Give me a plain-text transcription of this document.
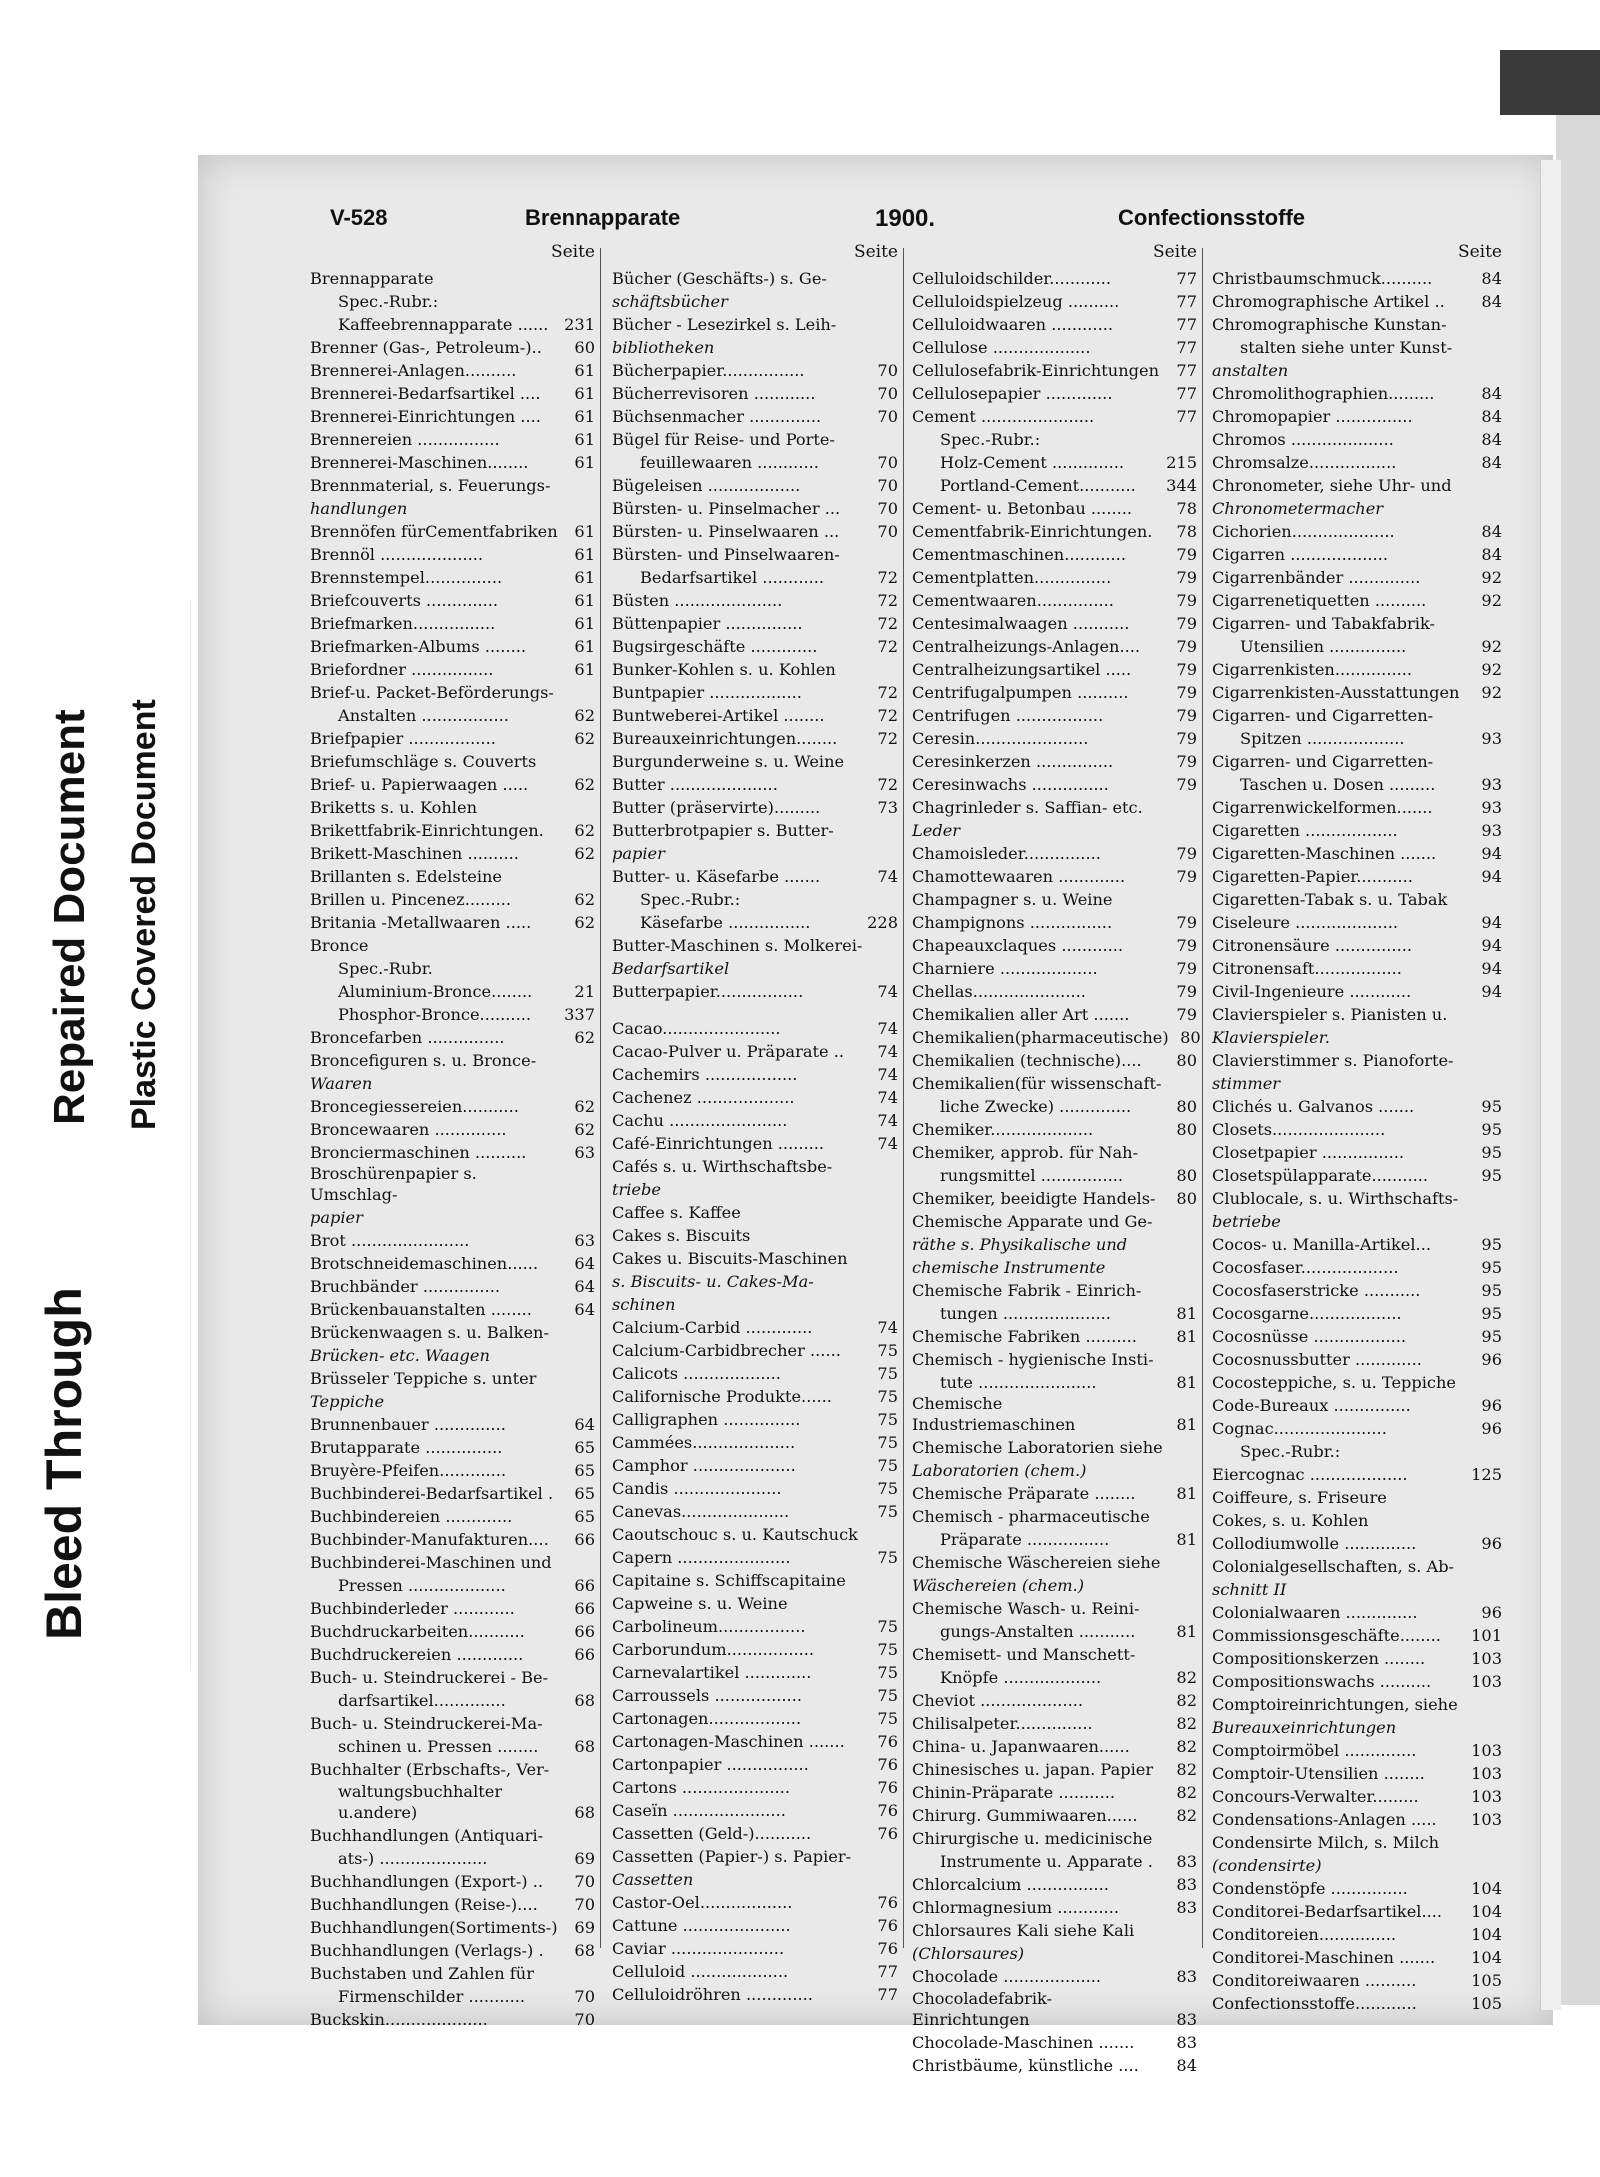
Bleed Through
Repaired Document Plastic Covered Document
V-528	Brennapparate	1900.	Confectionsstoffe
Seite
Brennapparate
Spec.-Rubr.:
Kaffeebrennapparate ...... 231
Brenner (Gas-, Petroleum-)..	60
Brennerei-Anlagen..........	61
Brennerei-Bedarfsartikel ....	61
Brennerei-Einrichtungen ....	61
Brennereien ................	61
Brennerei-Maschinen........	61
Brennmaterial, s. Feuerungs-
handlungen
Brennöfen fürCementfabriken	61
Brennöl ....................	61
Brennstempel...............	61
Briefcouverts ..............	61
Briefmarken................	61
Briefmarken-Albums ........	61
Briefordner ................	61
Brief-u. Packet-Beförderungs-
Anstalten .................	62
Briefpapier .................	62
Briefumschläge s. Couverts
Brief- u. Papierwaagen .....	62
Briketts s. u. Kohlen
Brikettfabrik-Einrichtungen.	62
Brikett-Maschinen ..........	62
Brillanten s. Edelsteine
Brillen u. Pincenez.........	62
Britania -Metallwaaren .....	62
Bronce
Spec.-Rubr.
Aluminium-Bronce........	21
Phosphor-Bronce..........	337
Broncefarben ...............	62
Broncefiguren s. u. Bronce-
Waaren
Broncegiessereien...........	62
Broncewaaren ..............	62
Bronciermaschinen ..........	63
Broschürenpapier s. Umschlag-
papier
Brot .......................	63
Brotschneidemaschinen......	64
Bruchbänder ...............	64
Brückenbauanstalten ........	64
Brückenwaagen s. u. Balken-
Brücken- etc. Waagen
Brüsseler Teppiche s. unter
Teppiche
Brunnenbauer ..............	64
Brutapparate ...............	65
Bruyère-Pfeifen.............	65
Buchbinderei-Bedarfsartikel .	65
Buchbindereien .............	65
Buchbinder-Manufakturen....	66
Buchbinderei-Maschinen und
Pressen ...................	66
Buchbinderleder ............	66
Buchdruckarbeiten...........	66
Buchdruckereien .............	66
Buch- u. Steindruckerei - Be-
darfsartikel..............	68
Buch- u. Steindruckerei-Ma-
schinen u. Pressen ........	68
Buchhalter (Erbschafts-, Ver-
waltungsbuchhalter u.andere)	68
Buchhandlungen (Antiquari-
ats-) .....................	69
Buchhandlungen (Export-) ..	70
Buchhandlungen (Reise-)....	70
Buchhandlungen(Sortiments-)	69
Buchhandlungen (Verlags-) .	68
Buchstaben und Zahlen für
Firmenschilder ...........	70
Buckskin....................	70
Seite
Bücher (Geschäfts-) s. Ge-
schäftsbücher
Bücher - Lesezirkel s. Leih-
bibliotheken
Bücherpapier................	70
Bücherrevisoren ............	70
Büchsenmacher ..............	70
Bügel für Reise- und Porte-
feuillewaaren ............	70
Bügeleisen ..................	70
Bürsten- u. Pinselmacher ...	70
Bürsten- u. Pinselwaaren ...	70
Bürsten- und Pinselwaaren-
Bedarfsartikel ............	72
Büsten .....................	72
Büttenpapier ...............	72
Bugsirgeschäfte .............	72
Bunker-Kohlen s. u. Kohlen
Buntpapier ..................	72
Buntweberei-Artikel ........	72
Bureauxeinrichtungen........	72
Burgunderweine s. u. Weine
Butter .....................	72
Butter (präservirte).........	73
Butterbrotpapier s. Butter-
papier
Butter- u. Käsefarbe .......	74
Spec.-Rubr.:
Käsefarbe ................	228
Butter-Maschinen s. Molkerei-
Bedarfsartikel
Butterpapier.................	74
Cacao.......................	74
Cacao-Pulver u. Präparate ..	74
Cachemirs ..................	74
Cachenez ...................	74
Cachu .......................	74
Café-Einrichtungen .........	74
Cafés s. u. Wirthschaftsbe-
triebe
Caffee s. Kaffee
Cakes s. Biscuits
Cakes u. Biscuits-Maschinen
s. Biscuits- u. Cakes-Ma-
schinen
Calcium-Carbid .............	74
Calcium-Carbidbrecher ......	75
Calicots ...................	75
Californische Produkte......	75
Calligraphen ...............	75
Cammées....................	75
Camphor ....................	75
Candis .....................	75
Canevas.....................	75
Caoutschouc s. u. Kautschuck
Capern ......................	75
Capitaine s. Schiffscapitaine
Capweine s. u. Weine
Carbolineum.................	75
Carborundum.................	75
Carnevalartikel .............	75
Carroussels .................	75
Cartonagen..................	75
Cartonagen-Maschinen .......	76
Cartonpapier ................	76
Cartons .....................	76
Caseïn ......................	76
Cassetten (Geld-)...........	76
Cassetten (Papier-) s. Papier-
Cassetten
Castor-Oel..................	76
Cattune .....................	76
Caviar ......................	76
Celluloid ...................	77
Celluloidröhren .............	77
Seite
Celluloidschilder............	77
Celluloidspielzeug ..........	77
Celluloidwaaren ............	77
Cellulose ...................	77
Cellulosefabrik-Einrichtungen	77
Cellulosepapier .............	77
Cement ......................	77
Spec.-Rubr.:
Holz-Cement ..............	215
Portland-Cement...........	344
Cement- u. Betonbau ........	78
Cementfabrik-Einrichtungen.	78
Cementmaschinen............	79
Cementplatten...............	79
Cementwaaren...............	79
Centesimalwaagen ...........	79
Centralheizungs-Anlagen....	79
Centralheizungsartikel .....	79
Centrifugalpumpen ..........	79
Centrifugen .................	79
Ceresin......................	79
Ceresinkerzen ...............	79
Ceresinwachs ...............	79
Chagrinleder s. Saffian- etc.
Leder
Chamoisleder...............	79
Chamottewaaren .............	79
Champagner s. u. Weine
Champignons ................	79
Chapeauxclaques ............	79
Charniere ...................	79
Chellas......................	79
Chemikalien aller Art .......	79
Chemikalien(pharmaceutische) 80
Chemikalien (technische)....	80
Chemikalien(für wissenschaft-
liche Zwecke) ..............	80
Chemiker....................	80
Chemiker, approb. für Nah-
rungsmittel ................	80
Chemiker, beeidigte Handels-	80
Chemische Apparate und Ge-
räthe s. Physikalische und
chemische Instrumente
Chemische Fabrik - Einrich-
tungen .....................	81
Chemische Fabriken ..........	81
Chemisch - hygienische Insti-
tute .......................	81
Chemische Industriemaschinen	81
Chemische Laboratorien siehe
Laboratorien (chem.)
Chemische Präparate ........	81
Chemisch - pharmaceutische
Präparate ................	81
Chemische Wäschereien siehe
Wäschereien (chem.)
Chemische Wasch- u. Reini-
gungs-Anstalten ...........	81
Chemisett- und Manschett-
Knöpfe ...................	82
Cheviot ....................	82
Chilisalpeter...............	82
China- u. Japanwaaren......	82
Chinesisches u. japan. Papier	82
Chinin-Präparate ...........	82
Chirurg. Gummiwaaren......	82
Chirurgische u. medicinische
Instrumente u. Apparate .	83
Chlorcalcium ................	83
Chlormagnesium ............	83
Chlorsaures Kali siehe Kali
(Chlorsaures)
Chocolade ...................	83
Chocoladefabrik-Einrichtungen	83
Chocolade-Maschinen .......	83
Christbäume, künstliche ....	84
Seite
Christbaumschmuck..........	84
Chromographische Artikel ..	84
Chromographische Kunstan-
stalten siehe unter Kunst-
anstalten
Chromolithographien.........	84
Chromopapier ...............	84
Chromos ....................	84
Chromsalze.................	84
Chronometer, siehe Uhr- und
Chronometermacher
Cichorien....................	84
Cigarren ...................	84
Cigarrenbänder ..............	92
Cigarrenetiquetten ..........	92
Cigarren- und Tabakfabrik-
Utensilien ...............	92
Cigarrenkisten...............	92
Cigarrenkisten-Ausstattungen	92
Cigarren- und Cigarretten-
Spitzen ...................	93
Cigarren- und Cigarretten-
Taschen u. Dosen .........	93
Cigarrenwickelformen.......	93
Cigaretten ..................	93
Cigaretten-Maschinen .......	94
Cigaretten-Papier...........	94
Cigaretten-Tabak s. u. Tabak
Ciseleure ....................	94
Citronensäure ...............	94
Citronensaft.................	94
Civil-Ingenieure ............	94
Clavierspieler s. Pianisten u.
Klavierspieler.
Clavierstimmer s. Pianoforte-
stimmer
Clichés u. Galvanos .......	95
Closets......................	95
Closetpapier ................	95
Closetspülapparate...........	95
Clublocale, s. u. Wirthschafts-
betriebe
Cocos- u. Manilla-Artikel...	95
Cocosfaser...................	95
Cocosfaserstricke ...........	95
Cocosgarne..................	95
Cocosnüsse ..................	95
Cocosnussbutter .............	96
Cocosteppiche, s. u. Teppiche
Code-Bureaux ...............	96
Cognac......................	96
Spec.-Rubr.:
Eiercognac ...................	125
Coiffeure, s. Friseure
Cokes, s. u. Kohlen
Collodiumwolle ..............	96
Colonialgesellschaften, s. Ab-
schnitt II
Colonialwaaren ..............	96
Commissionsgeschäfte........	101
Compositionskerzen ........	103
Compositionswachs ..........	103
Comptoireinrichtungen, siehe
Bureauxeinrichtungen
Comptoirmöbel ..............	103
Comptoir-Utensilien ........	103
Concours-Verwalter.........	103
Condensations-Anlagen .....	103
Condensirte Milch, s. Milch
(condensirte)
Condenstöpfe ...............	104
Conditorei-Bedarfsartikel....	104
Conditoreien...............	104
Conditorei-Maschinen .......	104
Conditoreiwaaren ..........	105
Confectionsstoffe............	105
